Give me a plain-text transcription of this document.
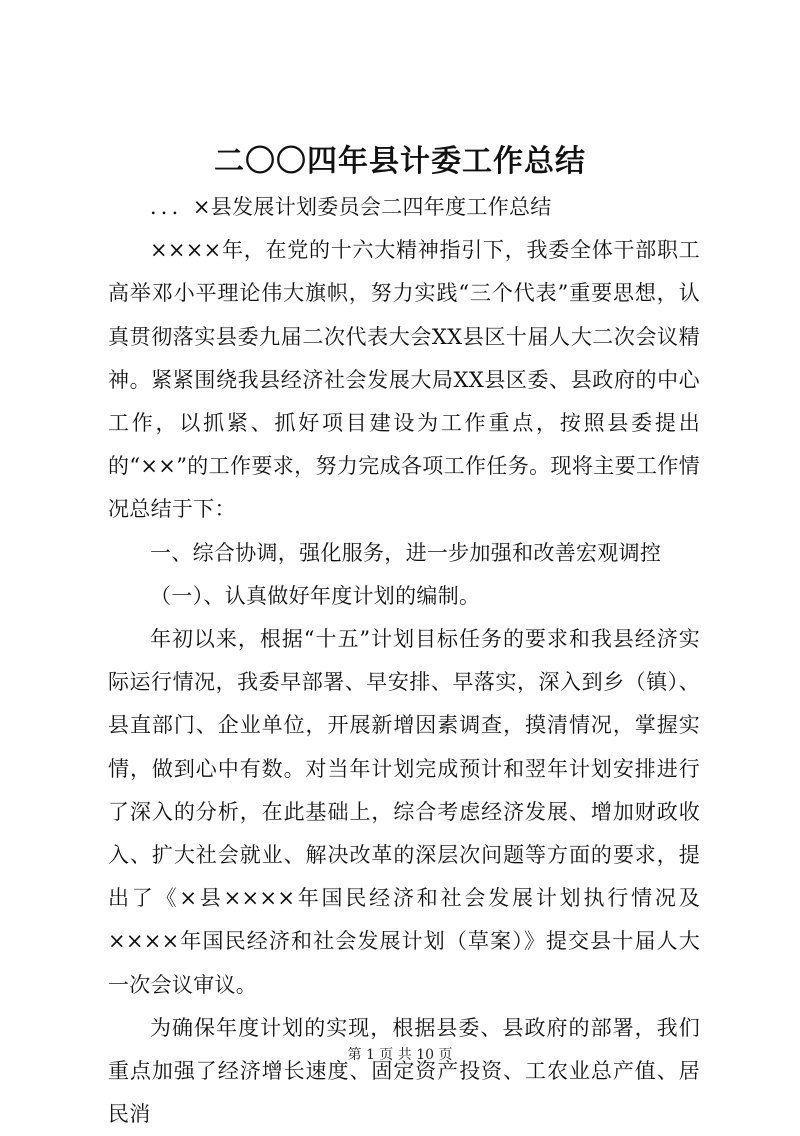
二〇〇四年县计委工作总结

．．．×县发展计划委员会二四年度工作总结

××××年，在党的十六大精神指引下，我委全体干部职工高举邓小平理论伟大旗帜，努力实践“三个代表”重要思想，认真贯彻落实县委九届二次代表大会XX县区十届人大二次会议精神。紧紧围绕我县经济社会发展大局XX县区委、县政府的中心工作，以抓紧、抓好项目建设为工作重点，按照县委提出的“××”的工作要求，努力完成各项工作任务。现将主要工作情况总结于下：

一、综合协调，强化服务，进一步加强和改善宏观调控

（一）、认真做好年度计划的编制。

年初以来，根据“十五”计划目标任务的要求和我县经济实际运行情况，我委早部署、早安排、早落实，深入到乡（镇）、县直部门、企业单位，开展新增因素调查，摸清情况，掌握实情，做到心中有数。对当年计划完成预计和翌年计划安排进行了深入的分析，在此基础上，综合考虑经济发展、增加财政收入、扩大社会就业、解决改革的深层次问题等方面的要求，提出了《×县××××年国民经济和社会发展计划执行情况及××××年国民经济和社会发展计划（草案）》提交县十届人大一次会议审议。

为确保年度计划的实现，根据县委、县政府的部署，我们重点加强了经济增长速度、固定资产投资、工农业总产值、居民消

第 1 页 共 10 页
